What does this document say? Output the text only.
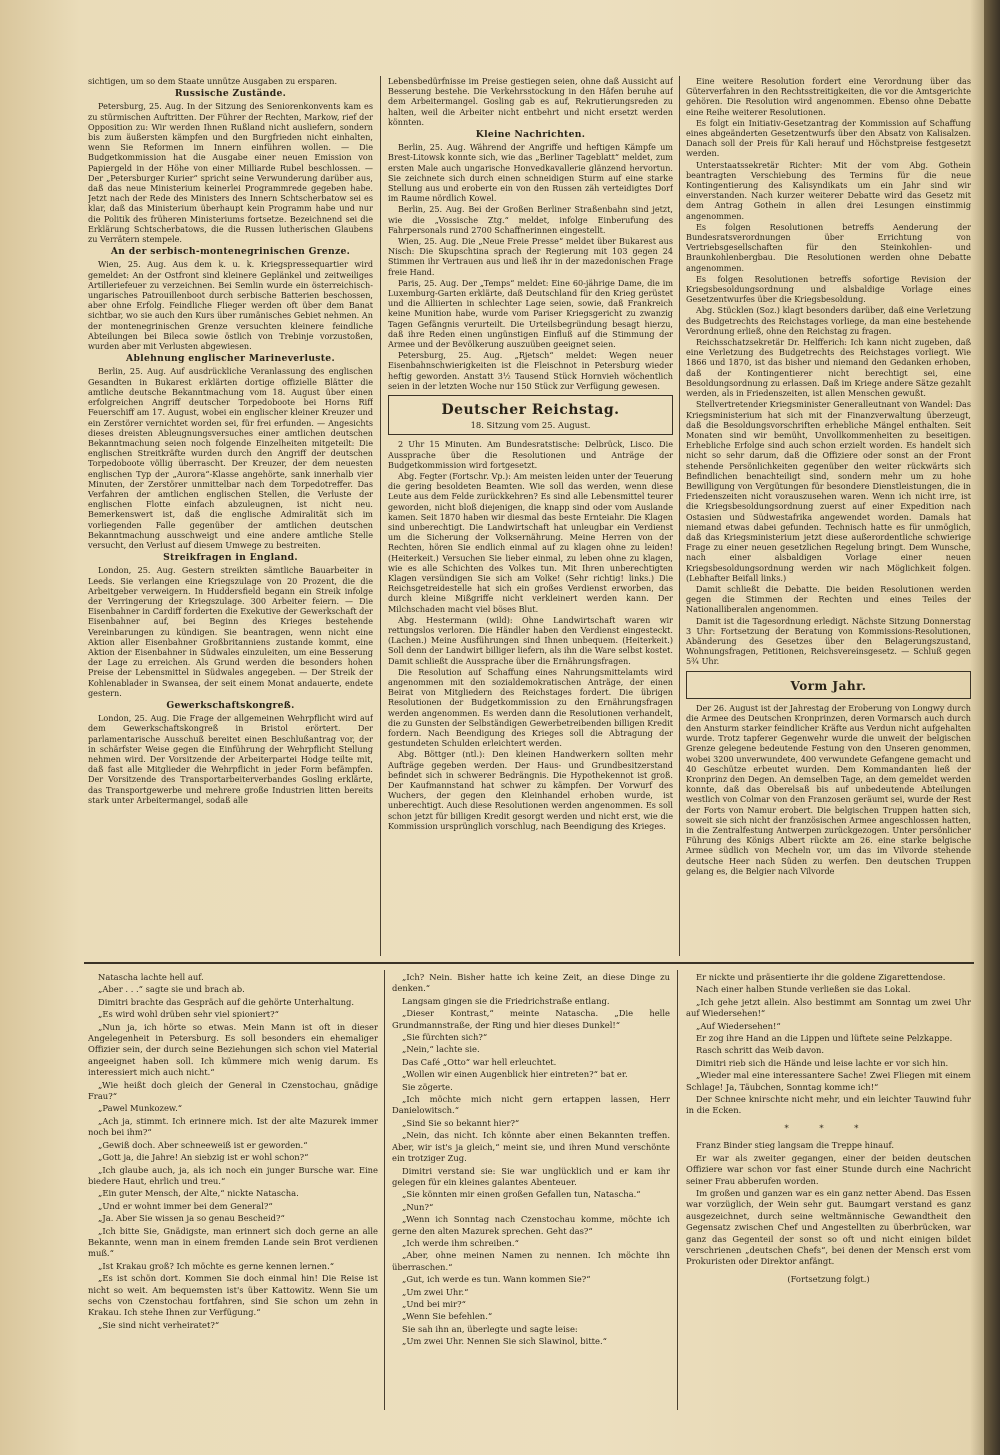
sichtigen, um so dem Staate unnütze Ausgaben zu ersparen.

Russische Zustände.

Petersburg, 25. Aug. In der Sitzung des Seniorenkonvents kam es zu stürmischen Auftritten. Der Führer der Rechten, Markow, rief der Opposition zu: Wir werden Ihnen Rußland nicht ausliefern, sondern bis zum äußersten kämpfen und den Burgfrieden nicht einhalten, wenn Sie Reformen im Innern einführen wollen. — Die Budgetkommission hat die Ausgabe einer neuen Emission von Papiergeld in der Höhe von einer Milliarde Rubel beschlossen. — Der „Petersburger Kurier“ spricht seine Verwunderung darüber aus, daß das neue Ministerium keinerlei Programmrede gegeben habe. Jetzt nach der Rede des Ministers des Innern Schtscherbatow sei es klar, daß das Ministerium überhaupt kein Programm habe und nur die Politik des früheren Ministeriums fortsetze. Bezeichnend sei die Erklärung Schtscherbatows, die die Russen lutherischen Glaubens zu Verrätern stempele.

An der serbisch-montenegrinischen Grenze.

Wien, 25. Aug. Aus dem k. u. k. Kriegspressequartier wird gemeldet: An der Ostfront sind kleinere Geplänkel und zeitweiliges Artilleriefeuer zu verzeichnen. Bei Semlin wurde ein österreichisch-ungarisches Patrouillenboot durch serbische Batterien beschossen, aber ohne Erfolg. Feindliche Flieger werden oft über dem Banat sichtbar, wo sie auch den Kurs über rumänisches Gebiet nehmen. An der montenegrinischen Grenze versuchten kleinere feindliche Abteilungen bei Bileca sowie östlich von Trebinje vorzustoßen, wurden aber mit Verlusten abgewiesen.

Ablehnung englischer Marineverluste.

Berlin, 25. Aug. Auf ausdrückliche Veranlassung des englischen Gesandten in Bukarest erklärten dortige offizielle Blätter die amtliche deutsche Bekanntmachung vom 18. August über einen erfolgreichen Angriff deutscher Torpedoboote bei Horns Riff Feuerschiff am 17. August, wobei ein englischer kleiner Kreuzer und ein Zerstörer vernichtet worden sei, für frei erfunden. — Angesichts dieses dreisten Ableugnungsversuches einer amtlichen deutschen Bekanntmachung seien noch folgende Einzelheiten mitgeteilt: Die englischen Streitkräfte wurden durch den Angriff der deutschen Torpedoboote völlig überrascht. Der Kreuzer, der dem neuesten englischen Typ der „Aurora“-Klasse angehörte, sank innerhalb vier Minuten, der Zerstörer unmittelbar nach dem Torpedotreffer. Das Verfahren der amtlichen englischen Stellen, die Verluste der englischen Flotte einfach abzuleugnen, ist nicht neu. Bemerkenswert ist, daß die englische Admiralität sich im vorliegenden Falle gegenüber der amtlichen deutschen Bekanntmachung ausschweigt und eine andere amtliche Stelle versucht, den Verlust auf diesem Umwege zu bestreiten.

Streikfragen in England.

London, 25. Aug. Gestern streikten sämtliche Bauarbeiter in Leeds. Sie verlangen eine Kriegszulage von 20 Prozent, die die Arbeitgeber verweigern. In Huddersfield begann ein Streik infolge der Verringerung der Kriegszulage. 300 Arbeiter feiern. — Die Eisenbahner in Cardiff forderten die Exekutive der Gewerkschaft der Eisenbahner auf, bei Beginn des Krieges bestehende Vereinbarungen zu kündigen. Sie beantragen, wenn nicht eine Aktion aller Eisenbahner Großbritanniens zustande kommt, eine Aktion der Eisenbahner in Südwales einzuleiten, um eine Besserung der Lage zu erreichen. Als Grund werden die besonders hohen Preise der Lebensmittel in Südwales angegeben. — Der Streik der Kohlenablader in Swansea, der seit einem Monat andauerte, endete gestern.

Gewerkschaftskongreß.

London, 25. Aug. Die Frage der allgemeinen Wehrpflicht wird auf dem Gewerkschaftskongreß in Bristol erörtert. Der parlamentarische Ausschuß bereitet einen Beschlußantrag vor, der in schärfster Weise gegen die Einführung der Wehrpflicht Stellung nehmen wird. Der Vorsitzende der Arbeiterpartei Hodge teilte mit, daß fast alle Mitglieder die Wehrpflicht in jeder Form befämpfen. Der Vorsitzende des Transportarbeiterverbandes Gosling erklärte, das Transportgewerbe und mehrere große Industrien litten bereits stark unter Arbeitermangel, sodaß alle

Lebensbedürfnisse im Preise gestiegen seien, ohne daß Aussicht auf Besserung bestehe. Die Verkehrsstockung in den Häfen beruhe auf dem Arbeitermangel. Gosling gab es auf, Rekrutierungsreden zu halten, weil die Arbeiter nicht entbehrt und nicht ersetzt werden könnten.

Kleine Nachrichten.

Berlin, 25. Aug. Während der Angriffe und heftigen Kämpfe um Brest-Litowsk konnte sich, wie das „Berliner Tageblatt“ meldet, zum ersten Male auch ungarische Honvedkavallerie glänzend hervortun. Sie zeichnete sich durch einen schneidigen Sturm auf eine starke Stellung aus und eroberte ein von den Russen zäh verteidigtes Dorf im Raume nördlich Kowel.

Berlin, 25. Aug. Bei der Großen Berliner Straßenbahn sind jetzt, wie die „Vossische Ztg.“ meldet, infolge Einberufung des Fahrpersonals rund 2700 Schaffnerinnen eingestellt.

Wien, 25. Aug. Die „Neue Freie Presse“ meldet über Bukarest aus Nisch: Die Skupschtina sprach der Regierung mit 103 gegen 24 Stimmen ihr Vertrauen aus und ließ ihr in der mazedonischen Frage freie Hand.

Paris, 25. Aug. Der „Temps“ meldet: Eine 60-jährige Dame, die im Luxemburg-Garten erklärte, daß Deutschland für den Krieg gerüstet und die Alliierten in schlechter Lage seien, sowie, daß Frankreich keine Munition habe, wurde vom Pariser Kriegsgericht zu zwanzig Tagen Gefängnis verurteilt. Die Urteilsbegründung besagt hierzu, daß ihre Reden einen ungünstigen Einfluß auf die Stimmung der Armee und der Bevölkerung auszuüben geeignet seien.

Petersburg, 25. Aug. „Rjetsch“ meldet: Wegen neuer Eisenbahnschwierigkeiten ist die Fleischnot in Petersburg wieder heftig geworden. Anstatt 3½ Tausend Stück Hornvieh wöchentlich seien in der letzten Woche nur 150 Stück zur Verfügung gewesen.

Deutscher Reichstag.
18. Sitzung vom 25. August.

2 Uhr 15 Minuten. Am Bundesratstische: Delbrück, Lisco. Die Aussprache über die Resolutionen und Anträge der Budgetkommission wird fortgesetzt.

Abg. Fegter (Fortschr. Vp.): Am meisten leiden unter der Teuerung die gering besoldeten Beamten. Wie soll das werden, wenn diese Leute aus dem Felde zurückkehren? Es sind alle Lebensmittel teurer geworden, nicht bloß diejenigen, die knapp sind oder vom Auslande kamen. Seit 1870 haben wir diesmal das beste Ernteiahr. Die Klagen sind unberechtigt. Die Landwirtschaft hat unleugbar ein Verdienst um die Sicherung der Volksernährung. Meine Herren von der Rechten, hören Sie endlich einmal auf zu klagen ohne zu leiden! (Heiterkeit.) Versuchen Sie lieber einmal, zu leben ohne zu klagen, wie es alle Schichten des Volkes tun. Mit Ihren unberechtigten Klagen versündigen Sie sich am Volke! (Sehr richtig! links.) Die Reichsgetreidestelle hat sich ein großes Verdienst erworben, das durch kleine Mißgriffe nicht verkleinert werden kann. Der Milchschaden macht viel böses Blut.

Abg. Hestermann (wild): Ohne Landwirtschaft waren wir rettungslos verloren. Die Händler haben den Verdienst eingesteckt. (Lachen.) Meine Ausführungen sind Ihnen unbequem. (Heiterkeit.) Soll denn der Landwirt billiger liefern, als ihn die Ware selbst kostet. Damit schließt die Aussprache über die Ernährungsfragen.

Die Resolution auf Schaffung eines Nahrungsmittelamts wird angenommen mit den sozialdemokratischen Anträge, der einen Beirat von Mitgliedern des Reichstages fordert. Die übrigen Resolutionen der Budgetkommission zu den Ernährungsfragen werden angenommen. Es werden dann die Resolutionen verhandelt, die zu Gunsten der Selbständigen Gewerbetreibenden billigen Kredit fordern. Nach Beendigung des Krieges soll die Abtragung der gestundeten Schulden erleichtert werden.

Abg. Böttger (ntl.): Den kleinen Handwerkern sollten mehr Aufträge gegeben werden. Der Haus- und Grundbesitzerstand befindet sich in schwerer Bedrängnis. Die Hypothekennot ist groß. Der Kaufmannstand hat schwer zu kämpfen. Der Vorwurf des Wuchers, der gegen den Kleinhandel erhoben wurde, ist unberechtigt. Auch diese Resolutionen werden angenommen. Es soll schon jetzt für billigen Kredit gesorgt werden und nicht erst, wie die Kommission ursprünglich vorschlug, nach Beendigung des Krieges.

Eine weitere Resolution fordert eine Verordnung über das Güterverfahren in den Rechtsstreitigkeiten, die vor die Amtsgerichte gehören. Die Resolution wird angenommen. Ebenso ohne Debatte eine Reihe weiterer Resolutionen.

Es folgt ein Initiativ-Gesetzantrag der Kommission auf Schaffung eines abgeänderten Gesetzentwurfs über den Absatz von Kalisalzen. Danach soll der Preis für Kali herauf und Höchstpreise festgesetzt werden.

Unterstaatssekretär Richter: Mit der vom Abg. Gothein beantragten Verschiebung des Termins für die neue Kontingentierung des Kalisyndikats um ein Jahr sind wir einverstanden. Nach kurzer weiterer Debatte wird das Gesetz mit dem Antrag Gothein in allen drei Lesungen einstimmig angenommen.

Es folgen Resolutionen betreffs Aenderung der Bundesratsverordnungen über Errichtung von Vertriebsgesellschaften für den Steinkohlen- und Braunkohlenbergbau. Die Resolutionen werden ohne Debatte angenommen.

Es folgen Resolutionen betreffs sofortige Revision der Kriegsbesoldungsordnung und alsbaldige Vorlage eines Gesetzentwurfes über die Kriegsbesoldung.

Abg. Stücklen (Soz.) klagt besonders darüber, daß eine Verletzung des Budgetrechts des Reichstages vorliege, da man eine bestehende Verordnung erließ, ohne den Reichstag zu fragen.

Reichsschatzsekretär Dr. Helfferich: Ich kann nicht zugeben, daß eine Verletzung des Budgetrechts des Reichstages vorliegt. Wie 1866 und 1870, ist das bisher und niemand den Gedanken erhoben, daß der Kontingentierer nicht berechtigt sei, eine Besoldungsordnung zu erlassen. Daß im Kriege andere Sätze gezahlt werden, als in Friedenszeiten, ist allen Menschen gewußt.

Stellvertretender Kriegsminister Generalleutnant von Wandel: Das Kriegsministerium hat sich mit der Finanzverwaltung überzeugt, daß die Besoldungsvorschriften erhebliche Mängel enthalten. Seit Monaten sind wir bemüht, Unvollkommenheiten zu beseitigen. Erhebliche Erfolge sind auch schon erzielt worden. Es handelt sich nicht so sehr darum, daß die Offiziere oder sonst an der Front stehende Persönlichkeiten gegenüber den weiter rückwärts sich Befindlichen benachteiligt sind, sondern mehr um zu hohe Bewilligung von Vergütungen für besondere Dienstleistungen, die in Friedenszeiten nicht vorauszusehen waren. Wenn ich nicht irre, ist die Kriegsbesoldungsordnung zuerst auf einer Expedition nach Ostasien und Südwestafrika angewendet worden. Damals hat niemand etwas dabei gefunden. Technisch hatte es für unmöglich, daß das Kriegsministerium jetzt diese außerordentliche schwierige Frage zu einer neuen gesetzlichen Regelung bringt. Dem Wunsche, nach einer alsbaldigen Vorlage einer neuen Kriegsbesoldungsordnung werden wir nach Möglichkeit folgen. (Lebhafter Beifall links.)

Damit schließt die Debatte. Die beiden Resolutionen werden gegen die Stimmen der Rechten und eines Teiles der Nationalliberalen angenommen.

Damit ist die Tagesordnung erledigt. Nächste Sitzung Donnerstag 3 Uhr: Fortsetzung der Beratung von Kommissions-Resolutionen, Abänderung des Gesetzes über den Belagerungszustand, Wohnungsfragen, Petitionen, Reichsvereinsgesetz. — Schluß gegen 5¾ Uhr.

Vorm Jahr.

Der 26. August ist der Jahrestag der Eroberung von Longwy durch die Armee des Deutschen Kronprinzen, deren Vormarsch auch durch den Ansturm starker feindlicher Kräfte aus Verdun nicht aufgehalten wurde. Trotz tapferer Gegenwehr wurde die unweit der belgischen Grenze gelegene bedeutende Festung von den Unseren genommen, wobei 3200 unverwundete, 400 verwundete Gefangene gemacht und 40 Geschütze erbeutet wurden. Dem Kommandanten ließ der Kronprinz den Degen. An demselben Tage, an dem gemeldet werden konnte, daß das Oberelsaß bis auf unbedeutende Abteilungen westlich von Colmar von den Franzosen geräumt sei, wurde der Rest der Forts von Namur erobert. Die belgischen Truppen hatten sich, soweit sie sich nicht der französischen Armee angeschlossen hatten, in die Zentralfestung Antwerpen zurückgezogen. Unter persönlicher Führung des Königs Albert rückte am 26. eine starke belgische Armee südlich von Mecheln vor, um das im Vilvorde stehende deutsche Heer nach Süden zu werfen. Den deutschen Truppen gelang es, die Belgier nach Vilvorde

Natascha lachte hell auf.

„Aber . . .“ sagte sie und brach ab.

Dimitri brachte das Gespräch auf die gehörte Unterhaltung.

„Es wird wohl drüben sehr viel spioniert?“

„Nun ja, ich hörte so etwas. Mein Mann ist oft in dieser Angelegenheit in Petersburg. Es soll besonders ein ehemaliger Offizier sein, der durch seine Beziehungen sich schon viel Material angeeignet haben soll. Ich kümmere mich wenig darum. Es interessiert mich auch nicht.“

„Wie heißt doch gleich der General in Czenstochau, gnädige Frau?“

„Pawel Munkozew.“

„Ach ja, stimmt. Ich erinnere mich. Ist der alte Mazurek immer noch bei ihm?“

„Gewiß doch. Aber schneeweiß ist er geworden.“

„Gott ja, die Jahre! An siebzig ist er wohl schon?“

„Ich glaube auch, ja, als ich noch ein junger Bursche war. Eine biedere Haut, ehrlich und treu.“

„Ein guter Mensch, der Alte,“ nickte Natascha.

„Und er wohnt immer bei dem General?“

„Ja. Aber Sie wissen ja so genau Bescheid?“

„Ich bitte Sie, Gnädigste, man erinnert sich doch gerne an alle Bekannte, wenn man in einem fremden Lande sein Brot verdienen muß.“

„Ist Krakau groß? Ich möchte es gerne kennen lernen.“

„Es ist schön dort. Kommen Sie doch einmal hin! Die Reise ist nicht so weit. Am bequemsten ist's über Kattowitz. Wenn Sie um sechs von Czenstochau fortfahren, sind Sie schon um zehn in Krakau. Ich stehe Ihnen zur Verfügung.“

„Sie sind nicht verheiratet?“

„Ich? Nein. Bisher hatte ich keine Zeit, an diese Dinge zu denken.“

Langsam gingen sie die Friedrichstraße entlang.

„Dieser Kontrast,“ meinte Natascha. „Die helle Grundmannstraße, der Ring und hier dieses Dunkel!“

„Sie fürchten sich?“

„Nein,“ lachte sie.

Das Café „Otto“ war hell erleuchtet.

„Wollen wir einen Augenblick hier eintreten?“ bat er.

Sie zögerte.

„Ich möchte mich nicht gern ertappen lassen, Herr Danielowitsch.“

„Sind Sie so bekannt hier?“

„Nein, das nicht. Ich könnte aber einen Bekannten treffen. Aber, wir ist's ja gleich,“ meint sie, und ihren Mund verschönte ein trotziger Zug.

Dimitri verstand sie: Sie war unglücklich und er kam ihr gelegen für ein kleines galantes Abenteuer.

„Sie könnten mir einen großen Gefallen tun, Natascha.“

„Nun?“

„Wenn ich Sonntag nach Czenstochau komme, möchte ich gerne den alten Mazurek sprechen. Geht das?“

„Ich werde ihm schreiben.“

„Aber, ohne meinen Namen zu nennen. Ich möchte ihn überraschen.“

„Gut, ich werde es tun. Wann kommen Sie?“

„Um zwei Uhr.“

„Und bei mir?“

„Wenn Sie befehlen.“

Sie sah ihn an, überlegte und sagte leise:

„Um zwei Uhr. Nennen Sie sich Slawinol, bitte.“

Er nickte und präsentierte ihr die goldene Zigarettendose.

Nach einer halben Stunde verließen sie das Lokal.

„Ich gehe jetzt allein. Also bestimmt am Sonntag um zwei Uhr auf Wiedersehen!“

„Auf Wiedersehen!“

Er zog ihre Hand an die Lippen und lüftete seine Pelzkappe.

Rasch schritt das Weib davon.

Dimitri rieb sich die Hände und leise lachte er vor sich hin.

„Wieder mal eine interessantere Sache! Zwei Fliegen mit einem Schlage! Ja, Täubchen, Sonntag komme ich!“

Der Schnee knirschte nicht mehr, und ein leichter Tauwind fuhr in die Ecken.

* * *

Franz Binder stieg langsam die Treppe hinauf.

Er war als zweiter gegangen, einer der beiden deutschen Offiziere war schon vor fast einer Stunde durch eine Nachricht seiner Frau abberufen worden.

Im großen und ganzen war es ein ganz netter Abend. Das Essen war vorzüglich, der Wein sehr gut. Baumgart verstand es ganz ausgezeichnet, durch seine weltmännische Gewandtheit den Gegensatz zwischen Chef und Angestellten zu überbrücken, war ganz das Gegenteil der sonst so oft und nicht einigen bildet verschrienen „deutschen Chefs“, bei denen der Mensch erst vom Prokuristen oder Direktor anfängt.

(Fortsetzung folgt.)
